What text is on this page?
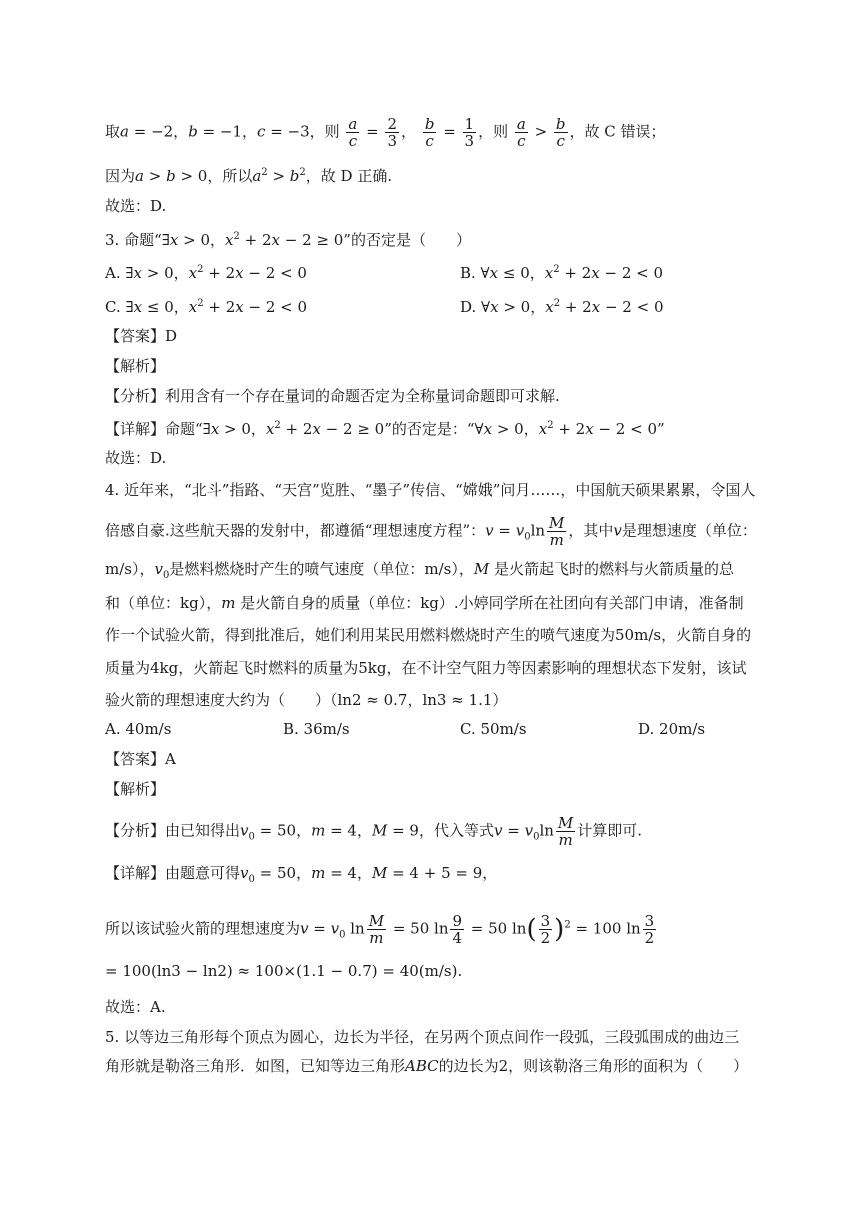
取a = −2，b = −1，c = −3，则 $\frac{a}{c} = \frac{2}{3}$ ， $\frac{b}{c} = \frac{1}{3}$ ，则 $\frac{a}{c} > \frac{b}{c}$ ，故 C 错误；
因为a > b > 0，所以$a^2 > b^2$，故 D 正确.
故选：D.
3. 命题“∃x > 0，$x^2 + 2x - 2 \ge 0$”的否定是（　　）
A. ∃x > 0，$x^2 + 2x - 2 < 0$	B. ∀x ≤ 0，$x^2 + 2x - 2 < 0$
C. ∃x ≤ 0，$x^2 + 2x - 2 < 0$	D. ∀x > 0，$x^2 + 2x - 2 < 0$
【答案】D
【解析】
【分析】利用含有一个存在量词的命题否定为全称量词命题即可求解.
【详解】命题“∃x > 0，$x^2 + 2x - 2 \ge 0$”的否定是：“∀x > 0，$x^2 + 2x - 2 < 0$”
故选：D.
4. 近年来，“北斗”指路、“天宫”览胜、“墨子”传信、“嫦娥”问月……，中国航天硕果累累，令国人
倍感自豪.这些航天器的发射中，都遵循“理想速度方程”：$v = v_0\ln \frac{M}{m}$ ，其中v是理想速度（单位：
m/s），$v_0$是燃料燃烧时产生的喷气速度（单位：m/s），M 是火箭起飞时的燃料与火箭质量的总
和（单位：kg），m 是火箭自身的质量（单位：kg）.小婷同学所在社团向有关部门申请，准备制
作一个试验火箭，得到批准后，她们利用某民用燃料燃烧时产生的喷气速度为50m/s，火箭自身的
质量为4kg，火箭起飞时燃料的质量为5kg，在不计空气阻力等因素影响的理想状态下发射，该试
验火箭的理想速度大约为（　　）（ln2 ≈ 0.7，ln3 ≈ 1.1）
A. 40m/s	B. 36m/s	C. 50m/s	D. 20m/s
【答案】A
【解析】
【分析】由已知得出$v_0 = 50$，m = 4，M = 9，代入等式$v = v_0\ln \frac{M}{m}$ 计算即可.
【详解】由题意可得$v_0 = 50$，m = 4，M = 4 + 5 = 9，
所以该试验火箭的理想速度为$v = v_0$ $\ln \frac{M}{m} = 50$ $\ln \frac{9}{4} = 50$ $\ln( \frac{3}{2} )^2 = 100$ $\ln \frac{3}{2}$
= 100(ln3 − ln2) ≈ 100×(1.1 − 0.7) = 40(m/s).
故选：A.
5. 以等边三角形每个顶点为圆心，边长为半径，在另两个顶点间作一段弧，三段弧围成的曲边三
角形就是勒洛三角形．如图，已知等边三角形ABC的边长为2，则该勒洛三角形的面积为（　　）
